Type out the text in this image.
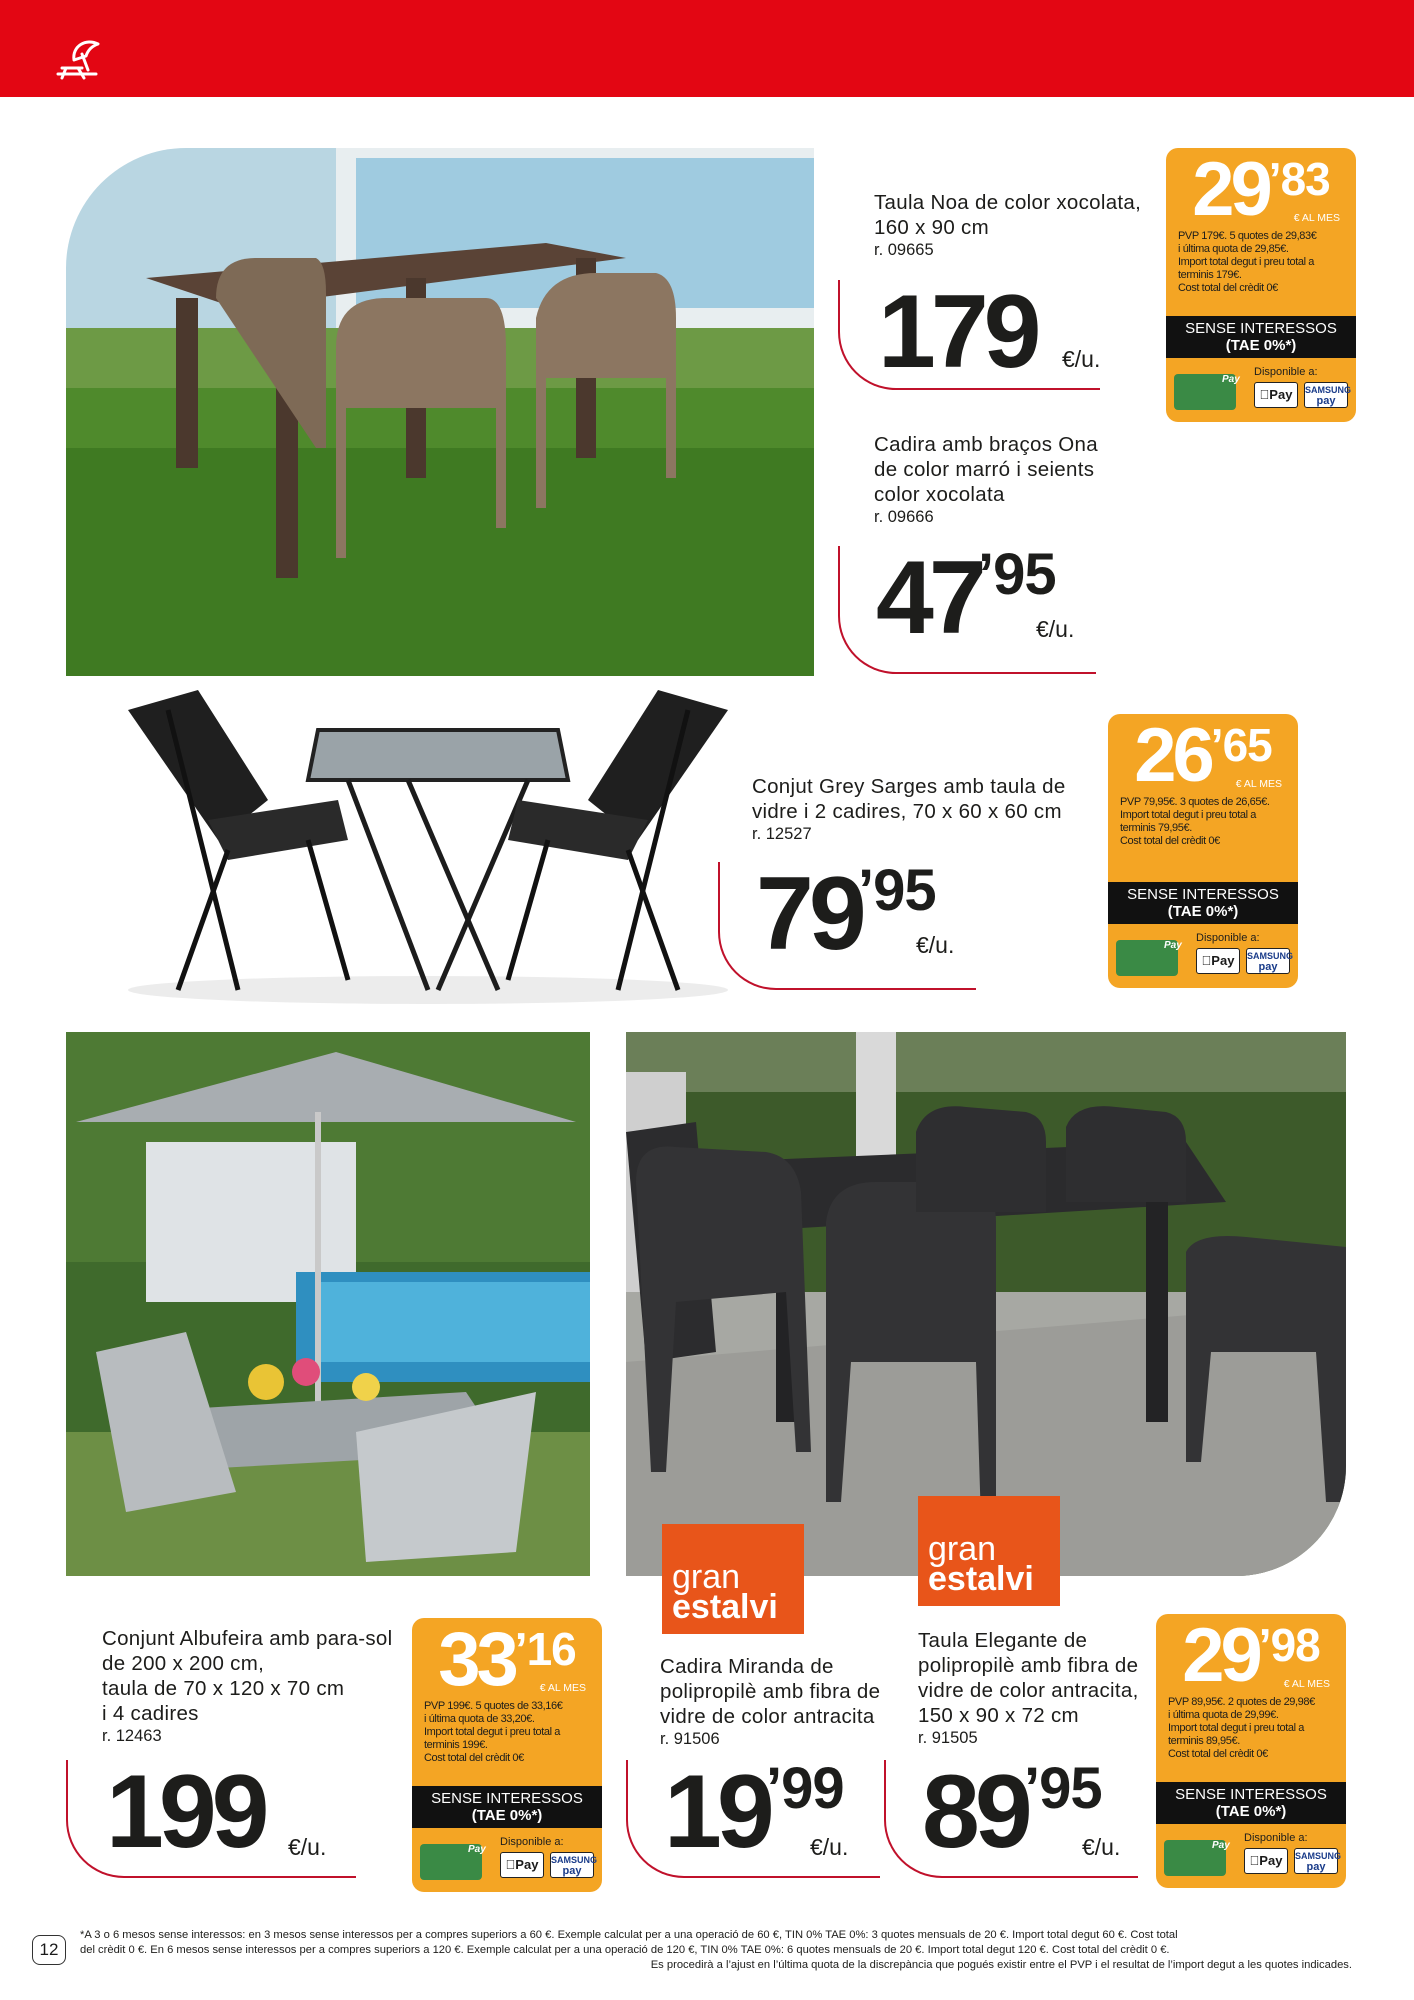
Taula Noa de color xocolata,
160 x 90 cm
r. 09665
179 €/u.
Cadira amb braços Ona
de color marró i seients
color xocolata
r. 09666
47
’95
€/u.
Conjut Grey Sarges amb taula de
vidre i 2 cadires, 70 x 60 x 60 cm
r. 12527
79
’95
€/u.
Conjunt Albufeira amb para-sol
de 200 x 200 cm,
taula de 70 x 120 x 70 cm
i 4 cadires
r. 12463
199 €/u.
gran
estalvi
Cadira Miranda de
polipropilè amb fibra de
vidre de color antracita
r. 91506
19
’99
€/u.
gran
estalvi
Taula Elegante de
polipropilè amb fibra de
vidre de color antracita,
150 x 90 x 72 cm
r. 91505
89
’95
€/u.
29’83
€ AL MES
PVP 179€. 5 quotes de 29,83€
i última quota de 29,85€.
Import total degut i preu total a
terminis 179€.
Cost total del crèdit 0€
SENSE INTERESSOS
(TAE 0%*)
Pay
Disponible a:
Pay	SAMSUNG
pay
26’65
€ AL MES
PVP 79,95€. 3 quotes de 26,65€.
Import total degut i preu total a
terminis 79,95€.
Cost total del crèdit 0€
SENSE INTERESSOS
(TAE 0%*)
Pay
Disponible a:
Pay	SAMSUNG
pay
33’16
€ AL MES
PVP 199€. 5 quotes de 33,16€
i última quota de 33,20€.
Import total degut i preu total a
terminis 199€.
Cost total del crèdit 0€
SENSE INTERESSOS
(TAE 0%*)
Pay
Disponible a:
Pay	SAMSUNG
pay
29’98
€ AL MES
PVP 89,95€. 2 quotes de 29,98€
i última quota de 29,99€.
Import total degut i preu total a
terminis 89,95€.
Cost total del crèdit 0€
SENSE INTERESSOS
(TAE 0%*)
Pay
Disponible a:
Pay	SAMSUNG
pay
12
*A 3 o 6 mesos sense interessos: en 3 mesos sense interessos per a compres superiors a 60 €. Exemple calculat per a una operació de 60 €, TIN 0% TAE 0%: 3 quotes mensuals de 20 €. Import total degut 60 €. Cost total
del crèdit 0 €. En 6 mesos sense interessos per a compres superiors a 120 €. Exemple calculat per a una operació de 120 €, TIN 0% TAE 0%: 6 quotes mensuals de 20 €. Import total degut 120 €. Cost total del crèdit 0 €.
Es procedirà a l’ajust en l’última quota de la discrepància que pogués existir entre el PVP i el resultat de l’import degut a les quotes indicades.
